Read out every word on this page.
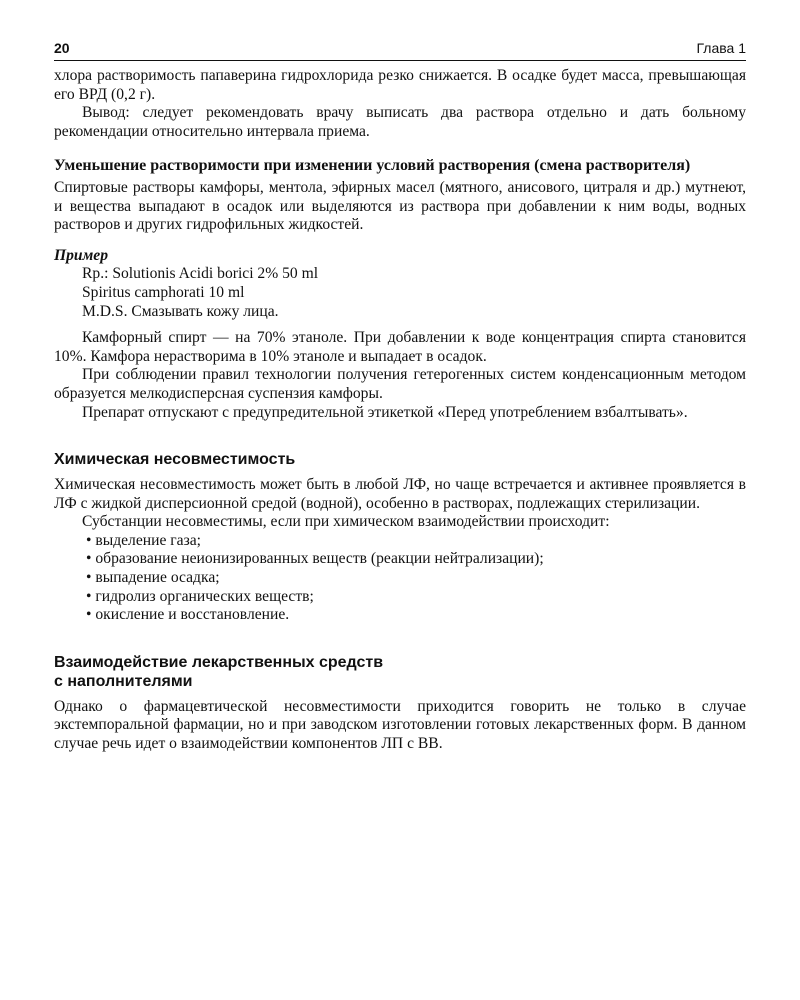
20	Глава 1

хлора растворимость папаверина гидрохлорида резко снижается. В осадке будет масса, превышающая его ВРД (0,2 г).

Вывод: следует рекомендовать врачу выписать два раствора отдельно и дать больному рекомендации относительно интервала приема.

Уменьшение растворимости при изменении условий растворения (смена растворителя)

Спиртовые растворы камфоры, ментола, эфирных масел (мятного, анисового, цитраля и др.) мутнеют, и вещества выпадают в осадок или выделяются из раствора при добавлении к ним воды, водных растворов и других гидрофильных жидкостей.

Пример
Rp.: Solutionis Acidi borici 2% 50 ml
Spiritus camphorati 10 ml
M.D.S. Смазывать кожу лица.

Камфорный спирт — на 70% этаноле. При добавлении к воде концентрация спирта становится 10%. Камфора нерастворима в 10% этаноле и выпадает в осадок.

При соблюдении правил технологии получения гетерогенных систем конденсационным методом образуется мелкодисперсная суспензия камфоры.

Препарат отпускают с предупредительной этикеткой «Перед употреблением взбалтывать».

Химическая несовместимость

Химическая несовместимость может быть в любой ЛФ, но чаще встречается и активнее проявляется в ЛФ с жидкой дисперсионной средой (водной), особенно в растворах, подлежащих стерилизации.

Субстанции несовместимы, если при химическом взаимодействии происходит:

• выделение газа;
• образование неионизированных веществ (реакции нейтрализации);
• выпадение осадка;
• гидролиз органических веществ;
• окисление и восстановление.
Взаимодействие лекарственных средств
с наполнителями

Однако о фармацевтической несовместимости приходится говорить не только в случае экстемпоральной фармации, но и при заводском изготовлении готовых лекарственных форм. В данном случае речь идет о взаимодействии компонентов ЛП с ВВ.
